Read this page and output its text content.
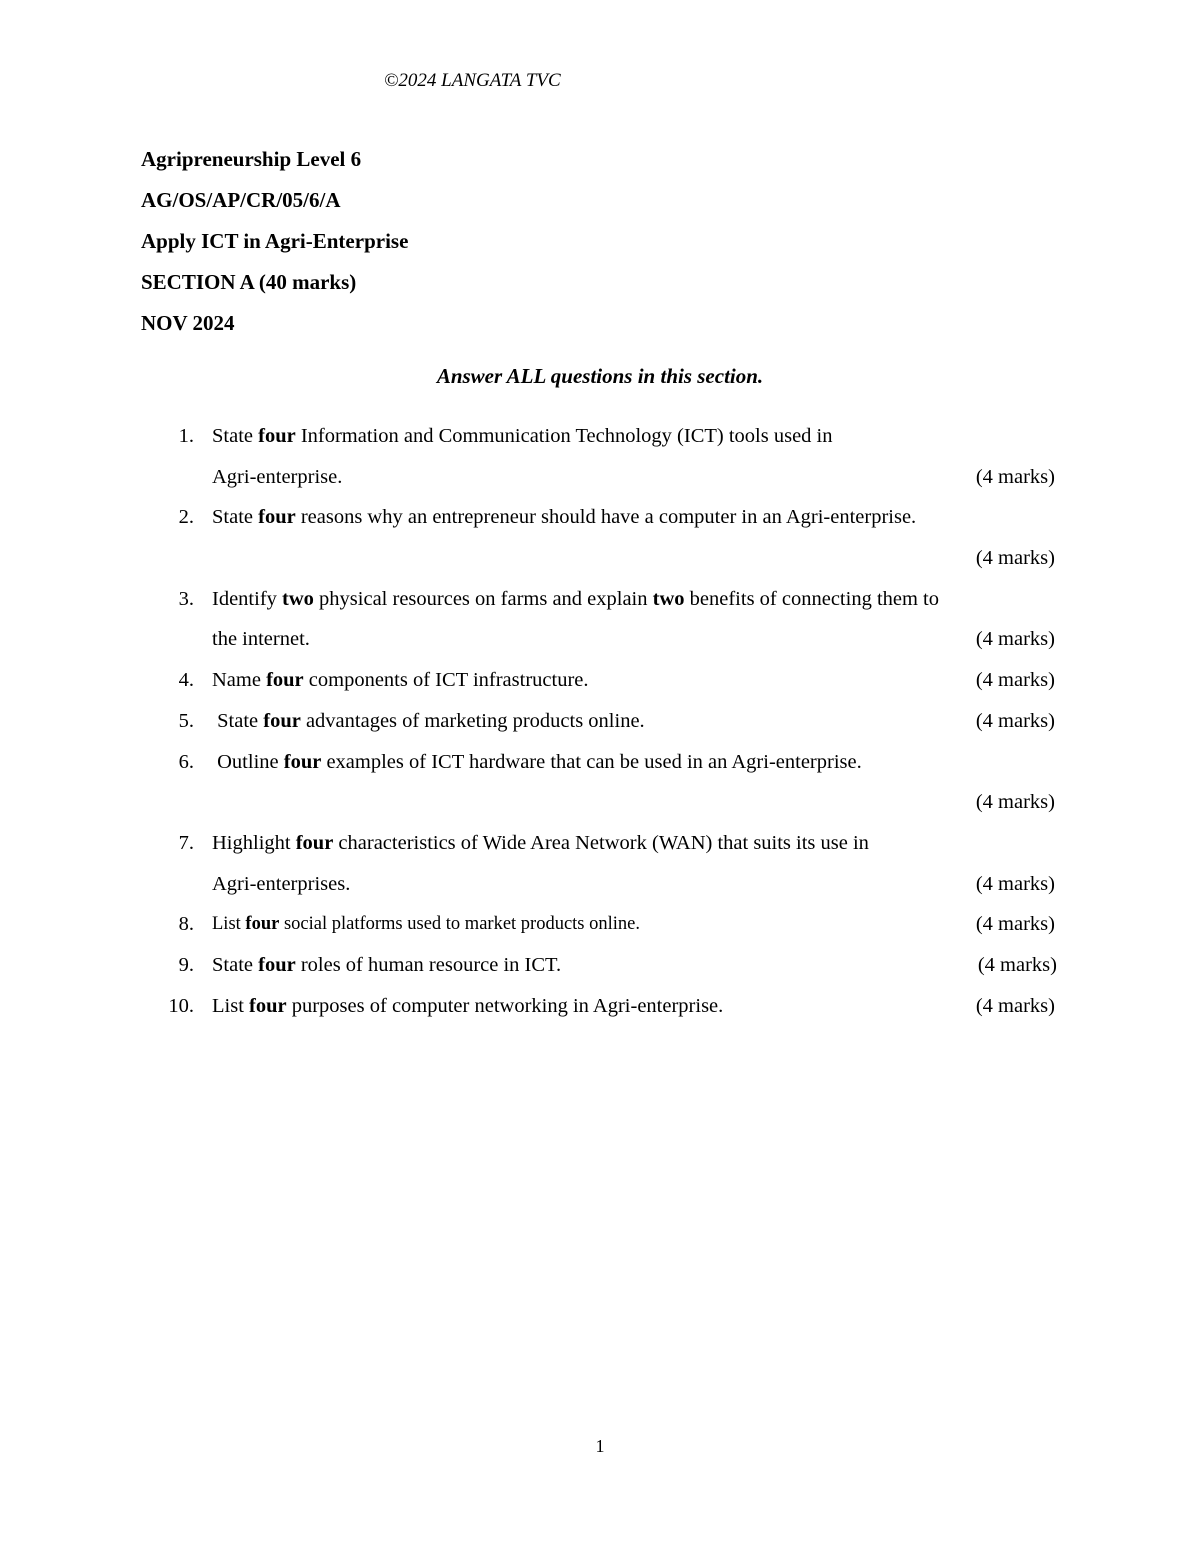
©2024 LANGATA TVC
Agripreneurship Level 6
AG/OS/AP/CR/05/6/A
Apply ICT in Agri-Enterprise
SECTION A (40 marks)
NOV 2024
Answer ALL questions in this section.
1. State four Information and Communication Technology (ICT) tools used in
Agri-enterprise.	(4 marks)
2. State four reasons why an entrepreneur should have a computer in an Agri-enterprise.
(4 marks)
3. Identify two physical resources on farms and explain two benefits of connecting them to
the internet.	(4 marks)
4. Name four components of ICT infrastructure.	(4 marks)
5. State four advantages of marketing products online.	(4 marks)
6. Outline four examples of ICT hardware that can be used in an Agri-enterprise.
(4 marks)
7. Highlight four characteristics of Wide Area Network (WAN) that suits its use in
Agri-enterprises.	(4 marks)
8. List four social platforms used to market products online.	(4 marks)
9. State four roles of human resource in ICT.	(4 marks)
10. List four purposes of computer networking in Agri-enterprise.	(4 marks)
1
